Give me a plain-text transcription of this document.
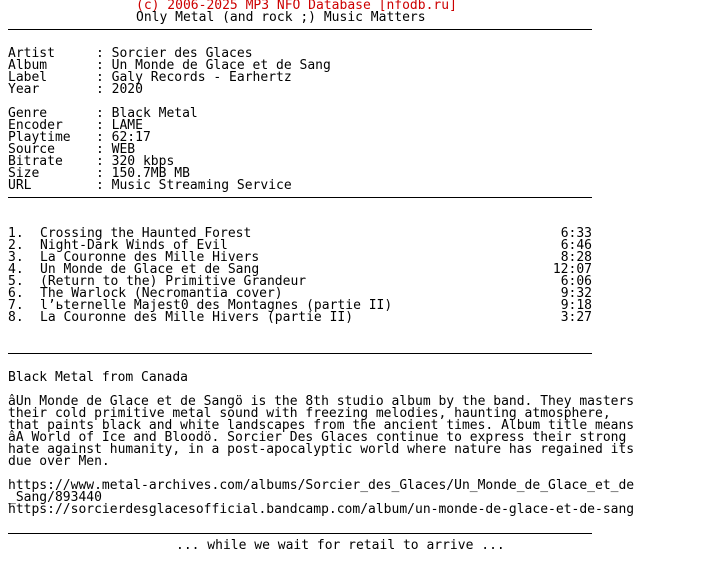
(c) 2006-2025 MP3 NFO Database [nfodb.ru]
Only Metal (and rock ;) Music Matters
Artist	: Sorcier des Glaces
Album	: Un Monde de Glace et de Sang
Label	: Galy Records - Earhertz
Year	: 2020
Genre	: Black Metal
Encoder	: LAME
Playtime : 62:17
Source	: WEB
Bitrate	: 320 kbps
Size	: 150.7MB MB
URL	: Music Streaming Service
1. Crossing the Haunted Forest	6:33
2. Night-Dark Winds of Evil	6:46
3. La Couronne des Mille Hivers	8:28
4. Un Monde de Glace et de Sang	12:07
5. (Return to the) Primitive Grandeur	6:06
6. The Warlock (Necromantia cover)	9:32
7. l’ьternelle Majest0 des Montagnes (partie II)	9:18
8. La Couronne des Mille Hivers (partie II)	3:27
Black Metal from Canada
âUn Monde de Glace et de Sangö is the 8th studio album by the band. They masters
their cold primitive metal sound with freezing melodies, haunting atmosphere,
that paints black and white landscapes from the ancient times. Album title means
âA World of Ice and Bloodö. Sorcier Des Glaces continue to express their strong
hate against humanity, in a post-apocalyptic world where nature has regained its
due over Men.
https://www.metal-archives.com/albums/Sorcier_des_Glaces/Un_Monde_de_Glace_et_de
_Sang/893440
https://sorcierdesglacesofficial.bandcamp.com/album/un-monde-de-glace-et-de-sang
... while we wait for retail to arrive ...
